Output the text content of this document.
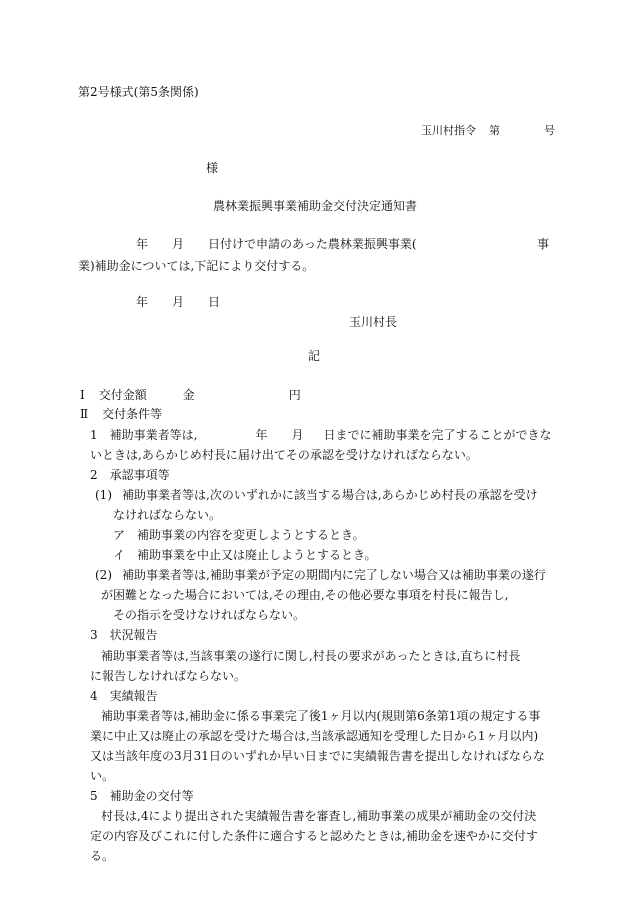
第2号様式(第5条関係)
玉川村指令 第	号
様
農林業振興事業補助金交付決定通知書
年 月 日付けで申請のあった農林業振興事業(	事
業)補助金については,下記により交付する。
年 月 日
玉川村長
記
Ⅰ 交付金額	金	円
Ⅱ 交付条件等
1 補助事業者等は,	年 月 日までに補助事業を完了することができな
いときは,あらかじめ村長に届け出てその承認を受けなければならない。
2　承認事項等
(1) 補助事業者等は,次のいずれかに該当する場合は,あらかじめ村長の承認を受け
なければならない。
ア　補助事業の内容を変更しようとするとき。
イ　補助事業を中止又は廃止しようとするとき。
(2) 補助事業者等は,補助事業が予定の期間内に完了しない場合又は補助事業の遂行
が困難となった場合においては,その理由,その他必要な事項を村長に報告し,
その指示を受けなければならない。
3　状況報告
補助事業者等は,当該事業の遂行に関し,村長の要求があったときは,直ちに村長
に報告しなければならない。
4　実績報告
補助事業者等は,補助金に係る事業完了後1ヶ月以内(規則第6条第1項の規定する事
業に中止又は廃止の承認を受けた場合は,当該承認通知を受理した日から1ヶ月以内)
又は当該年度の3月31日のいずれか早い日までに実績報告書を提出しなければならな
い。
5　補助金の交付等
村長は,4により提出された実績報告書を審査し,補助事業の成果が補助金の交付決
定の内容及びこれに付した条件に適合すると認めたときは,補助金を速やかに交付す
る。
